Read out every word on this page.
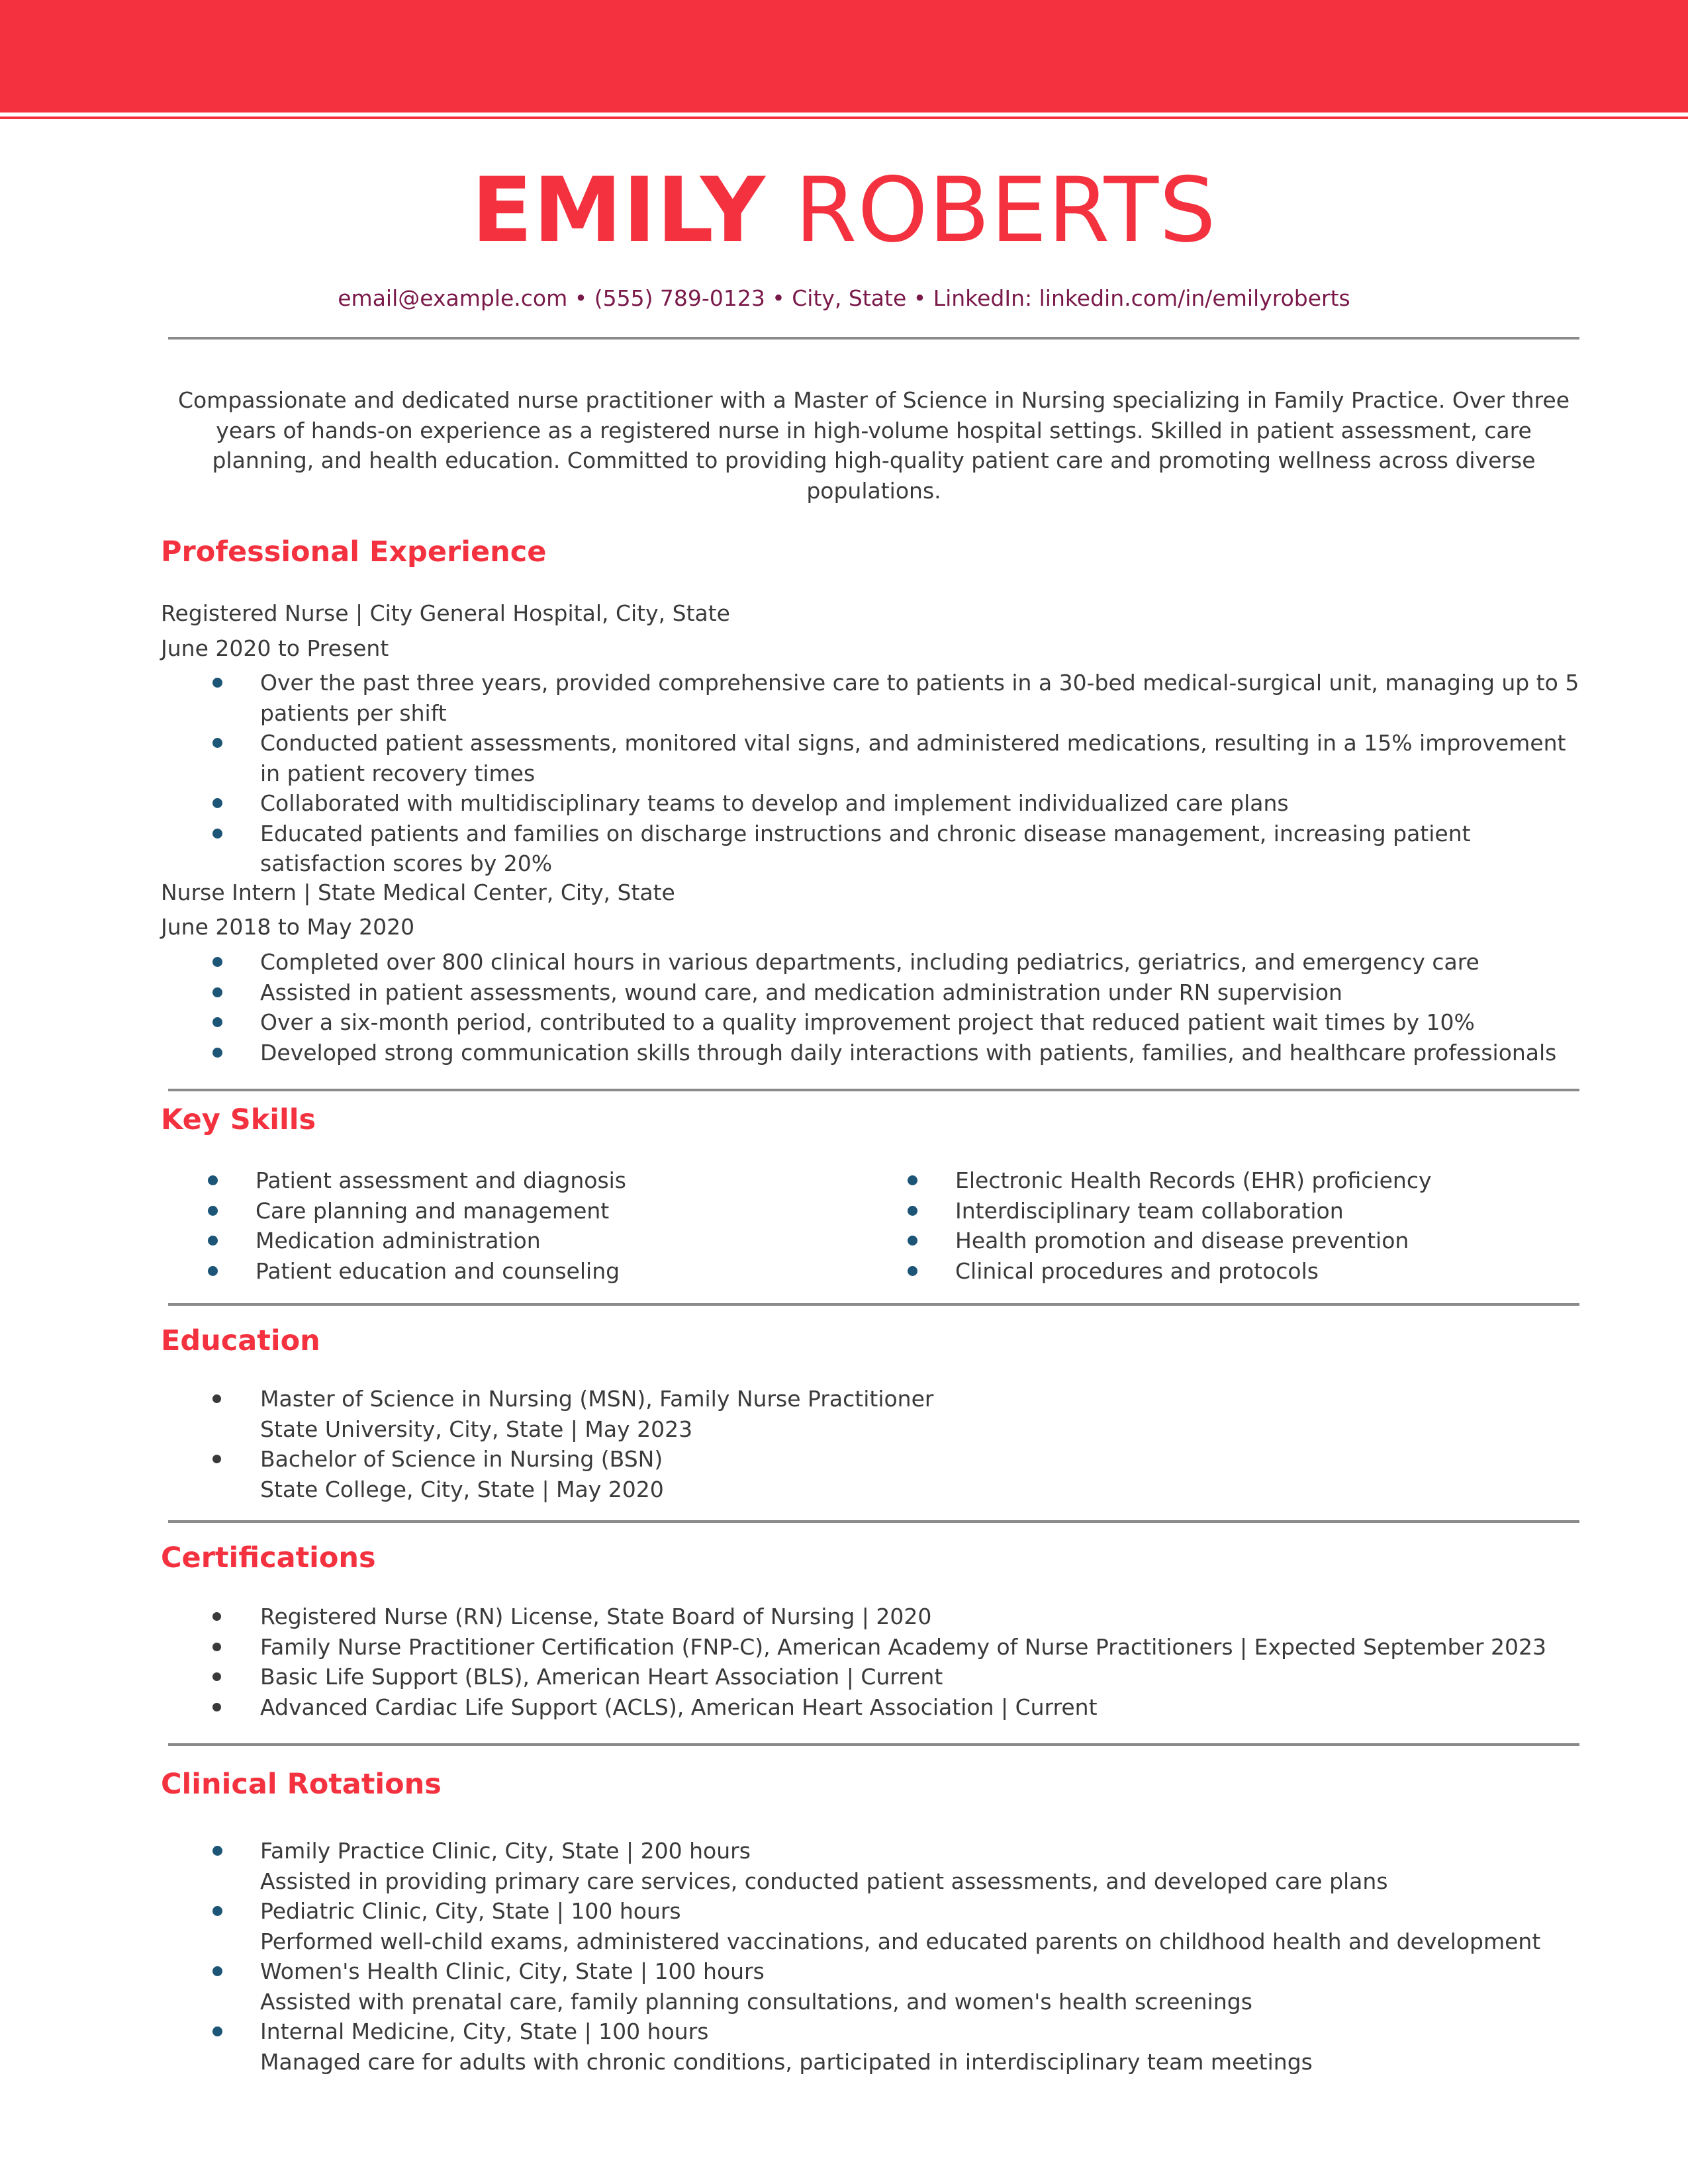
EMILY ROBERTS
email@example.com • (555) 789-0123 • City, State • LinkedIn: linkedin.com/in/emilyroberts
Compassionate and dedicated nurse practitioner with a Master of Science in Nursing specializing in Family Practice. Over three years of hands-on experience as a registered nurse in high-volume hospital settings. Skilled in patient assessment, care planning, and health education. Committed to providing high-quality patient care and promoting wellness across diverse populations.
Professional Experience
Registered Nurse | City General Hospital, City, State
June 2020 to Present
Over the past three years, provided comprehensive care to patients in a 30-bed medical-surgical unit, managing up to 5 patients per shift
Conducted patient assessments, monitored vital signs, and administered medications, resulting in a 15% improvement in patient recovery times
Collaborated with multidisciplinary teams to develop and implement individualized care plans
Educated patients and families on discharge instructions and chronic disease management, increasing patient satisfaction scores by 20%
Nurse Intern | State Medical Center, City, State
June 2018 to May 2020
Completed over 800 clinical hours in various departments, including pediatrics, geriatrics, and emergency care
Assisted in patient assessments, wound care, and medication administration under RN supervision
Over a six-month period, contributed to a quality improvement project that reduced patient wait times by 10%
Developed strong communication skills through daily interactions with patients, families, and healthcare professionals
Key Skills
Patient assessment and diagnosis
Care planning and management
Medication administration
Patient education and counseling
Electronic Health Records (EHR) proficiency
Interdisciplinary team collaboration
Health promotion and disease prevention
Clinical procedures and protocols
Education
Master of Science in Nursing (MSN), Family Nurse Practitioner
State University, City, State | May 2023
Bachelor of Science in Nursing (BSN)
State College, City, State | May 2020
Certifications
Registered Nurse (RN) License, State Board of Nursing | 2020
Family Nurse Practitioner Certification (FNP-C), American Academy of Nurse Practitioners | Expected September 2023
Basic Life Support (BLS), American Heart Association | Current
Advanced Cardiac Life Support (ACLS), American Heart Association | Current
Clinical Rotations
Family Practice Clinic, City, State | 200 hours
Assisted in providing primary care services, conducted patient assessments, and developed care plans
Pediatric Clinic, City, State | 100 hours
Performed well-child exams, administered vaccinations, and educated parents on childhood health and development
Women's Health Clinic, City, State | 100 hours
Assisted with prenatal care, family planning consultations, and women's health screenings
Internal Medicine, City, State | 100 hours
Managed care for adults with chronic conditions, participated in interdisciplinary team meetings
